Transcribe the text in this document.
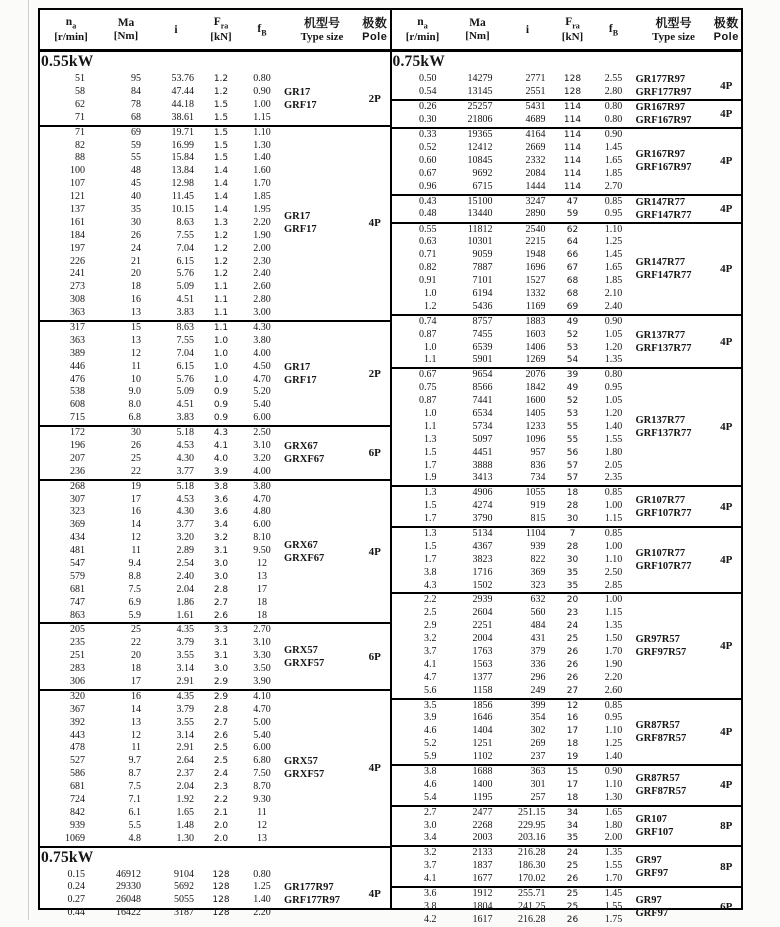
$n_a$
[r/min]
Ma
[Nm]
i
$F_{ra}$
[kN]
$f_B$
机型号
Type size
极数
Pole
0.55kW
51	95	53.76	1.2	0.80
58	84	47.44	1.2	0.90
62	78	44.18	1.5	1.00
71	68	38.61	1.5	1.15
GR17
GRF17
2P
71	69	19.71	1.5	1.10
82	59	16.99	1.5	1.30
88	55	15.84	1.5	1.40
100	48	13.84	1.4	1.60
107	45	12.98	1.4	1.70
121	40	11.45	1.4	1.85
137	35	10.15	1.4	1.95
161	30	8.63	1.3	2.20
184	26	7.55	1.2	1.90
197	24	7.04	1.2	2.00
226	21	6.15	1.2	2.30
241	20	5.76	1.2	2.40
273	18	5.09	1.1	2.60
308	16	4.51	1.1	2.80
363	13	3.83	1.1	3.00
GR17
GRF17
4P
317	15	8.63	1.1	4.30
363	13	7.55	1.0	3.80
389	12	7.04	1.0	4.00
446	11	6.15	1.0	4.50
476	10	5.76	1.0	4.70
538	9.0	5.09	0.9	5.20
608	8.0	4.51	0.9	5.40
715	6.8	3.83	0.9	6.00
GR17
GRF17
2P
172	30	5.18	4.3	2.50
196	26	4.53	4.1	3.10
207	25	4.30	4.0	3.20
236	22	3.77	3.9	4.00
GRX67
GRXF67
6P
268	19	5.18	3.8	3.80
307	17	4.53	3.6	4.70
323	16	4.30	3.6	4.80
369	14	3.77	3.4	6.00
434	12	3.20	3.2	8.10
481	11	2.89	3.1	9.50
547	9.4	2.54	3.0	12
579	8.8	2.40	3.0	13
681	7.5	2.04	2.8	17
747	6.9	1.86	2.7	18
863	5.9	1.61	2.6	18
GRX67
GRXF67
4P
205	25	4.35	3.3	2.70
235	22	3.79	3.1	3.10
251	20	3.55	3.1	3.30
283	18	3.14	3.0	3.50
306	17	2.91	2.9	3.90
GRX57
GRXF57
6P
320	16	4.35	2.9	4.10
367	14	3.79	2.8	4.70
392	13	3.55	2.7	5.00
443	12	3.14	2.6	5.40
478	11	2.91	2.5	6.00
527	9.7	2.64	2.5	6.80
586	8.7	2.37	2.4	7.50
681	7.5	2.04	2.3	8.70
724	7.1	1.92	2.2	9.30
842	6.1	1.65	2.1	11
939	5.5	1.48	2.0	12
1069	4.8	1.30	2.0	13
GRX57
GRXF57
4P
0.75kW
0.15	46912	9104	128	0.80
0.24	29330	5692	128	1.25
0.27	26048	5055	128	1.40
0.44	16422	3187	128	2.20
GR177R97
GRF177R97
4P
$n_a$
[r/min]
Ma
[Nm]
i
$F_{ra}$
[kN]
$f_B$
机型号
Type size
极数
Pole
0.75kW
0.50	14279	2771	128	2.55
0.54	13145	2551	128	2.80
GR177R97
GRF177R97
4P
0.26	25257	5431	114	0.80
0.30	21806	4689	114	0.80
GR167R97
GRF167R97
4P
0.33	19365	4164	114	0.90
0.52	12412	2669	114	1.45
0.60	10845	2332	114	1.65
0.67	9692	2084	114	1.85
0.96	6715	1444	114	2.70
GR167R97
GRF167R97
4P
0.43	15100	3247	47	0.85
0.48	13440	2890	59	0.95
GR147R77
GRF147R77
4P
0.55	11812	2540	62	1.10
0.63	10301	2215	64	1.25
0.71	9059	1948	66	1.45
0.82	7887	1696	67	1.65
0.91	7101	1527	68	1.85
1.0	6194	1332	68	2.10
1.2	5436	1169	69	2.40
GR147R77
GRF147R77
4P
0.74	8757	1883	49	0.90
0.87	7455	1603	52	1.05
1.0	6539	1406	53	1.20
1.1	5901	1269	54	1.35
GR137R77
GRF137R77
4P
0.67	9654	2076	39	0.80
0.75	8566	1842	49	0.95
0.87	7441	1600	52	1.05
1.0	6534	1405	53	1.20
1.1	5734	1233	55	1.40
1.3	5097	1096	55	1.55
1.5	4451	957	56	1.80
1.7	3888	836	57	2.05
1.9	3413	734	57	2.35
GR137R77
GRF137R77
4P
1.3	4906	1055	18	0.85
1.5	4274	919	28	1.00
1.7	3790	815	30	1.15
GR107R77
GRF107R77
4P
1.3	5134	1104	7	0.85
1.5	4367	939	28	1.00
1.7	3823	822	30	1.10
3.8	1716	369	35	2.50
4.3	1502	323	35	2.85
GR107R77
GRF107R77
4P
2.2	2939	632	20	1.00
2.5	2604	560	23	1.15
2.9	2251	484	24	1.35
3.2	2004	431	25	1.50
3.7	1763	379	26	1.70
4.1	1563	336	26	1.90
4.7	1377	296	26	2.20
5.6	1158	249	27	2.60
GR97R57
GRF97R57
4P
3.5	1856	399	12	0.85
3.9	1646	354	16	0.95
4.6	1404	302	17	1.10
5.2	1251	269	18	1.25
5.9	1102	237	19	1.40
GR87R57
GRF87R57
4P
3.8	1688	363	15	0.90
4.6	1400	301	17	1.10
5.4	1195	257	18	1.30
GR87R57
GRF87R57
4P
2.7	2477	251.15	34	1.65
3.0	2268	229.95	34	1.80
3.4	2003	203.16	35	2.00
GR107
GRF107
8P
3.2	2133	216.28	24	1.35
3.7	1837	186.30	25	1.55
4.1	1677	170.02	26	1.70
GR97
GRF97
8P
3.6	1912	255.71	25	1.45
3.8	1804	241.25	25	1.55
4.2	1617	216.28	26	1.75
GR97
GRF97
6P
